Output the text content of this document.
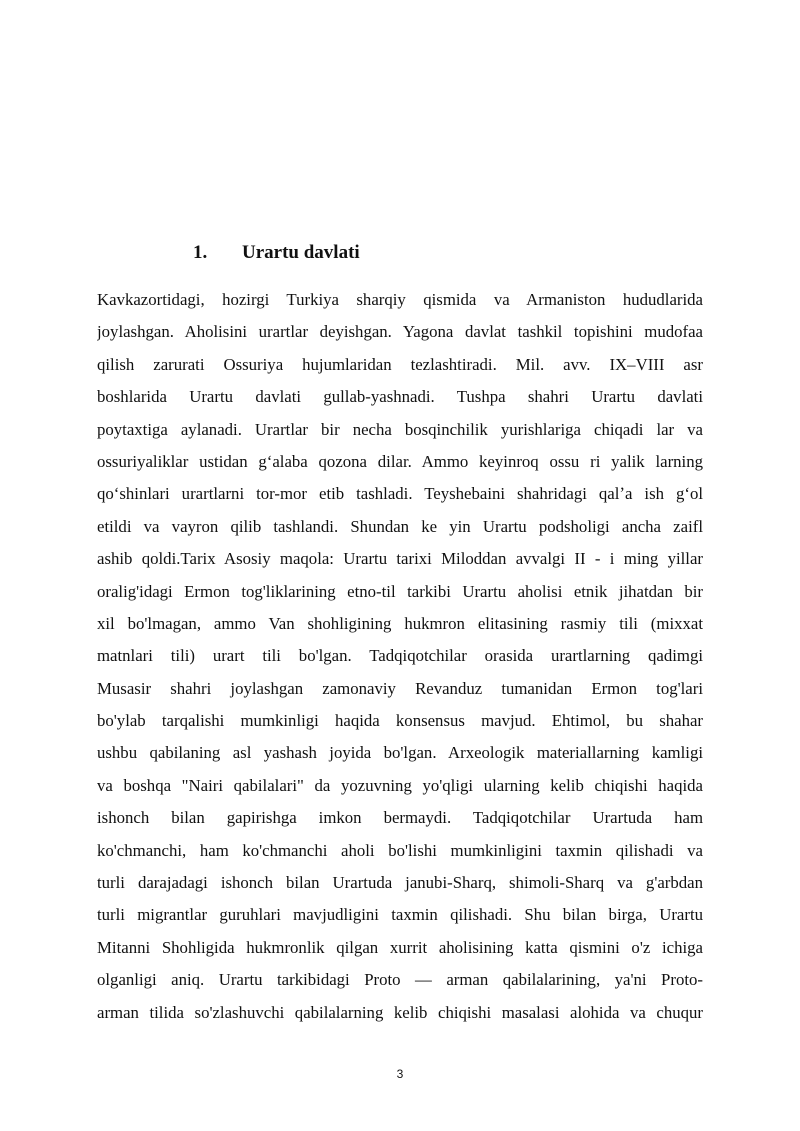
1. Urartu davlati
Kavkazortidagi, hozirgi Turkiya sharqiy qismida va Armaniston hududlarida
joylashgan. Aholisini urartlar deyishgan. Yagona davlat tashkil topishini mudofaa
qilish zarurati Ossuriya hujumlaridan tezlashtiradi. Mil. avv. IX–VIII asr
boshlarida Urartu davlati gullab-yashnadi. Tushpa shahri Urartu davlati
poytaxtiga aylanadi. Urartlar bir necha bosqinchilik yurishlariga chiqadi lar va
ossuriyaliklar ustidan gʻalaba qozona dilar. Ammo keyinroq ossu ri yalik larning
qoʻshinlari urartlarni tor-mor etib tashladi. Teyshebaini shahridagi qalʼa ish gʻol
etildi va vayron qilib tashlandi. Shundan ke yin Urartu podsholigi ancha zaifl
ashib qoldi.Tarix Asosiy maqola: Urartu tarixi Miloddan avvalgi II - i ming yillar
oralig'idagi Ermon tog'liklarining etno-til tarkibi Urartu aholisi etnik jihatdan bir
xil bo'lmagan, ammo Van shohligining hukmron elitasining rasmiy tili (mixxat
matnlari tili) urart tili bo'lgan. Tadqiqotchilar orasida urartlarning qadimgi
Musasir shahri joylashgan zamonaviy Revanduz tumanidan Ermon tog'lari
bo'ylab tarqalishi mumkinligi haqida konsensus mavjud. Ehtimol, bu shahar
ushbu qabilaning asl yashash joyida bo'lgan. Arxeologik materiallarning kamligi
va boshqa "Nairi qabilalari" da yozuvning yo'qligi ularning kelib chiqishi haqida
ishonch bilan gapirishga imkon bermaydi. Tadqiqotchilar Urartuda ham
ko'chmanchi, ham ko'chmanchi aholi bo'lishi mumkinligini taxmin qilishadi va
turli darajadagi ishonch bilan Urartuda janubi-Sharq, shimoli-Sharq va g'arbdan
turli migrantlar guruhlari mavjudligini taxmin qilishadi. Shu bilan birga, Urartu
Mitanni Shohligida hukmronlik qilgan xurrit aholisining katta qismini o'z ichiga
olganligi aniq. Urartu tarkibidagi Proto — arman qabilalarining, ya'ni Proto-
arman tilida so'zlashuvchi qabilalarning kelib chiqishi masalasi alohida va chuqur
3
